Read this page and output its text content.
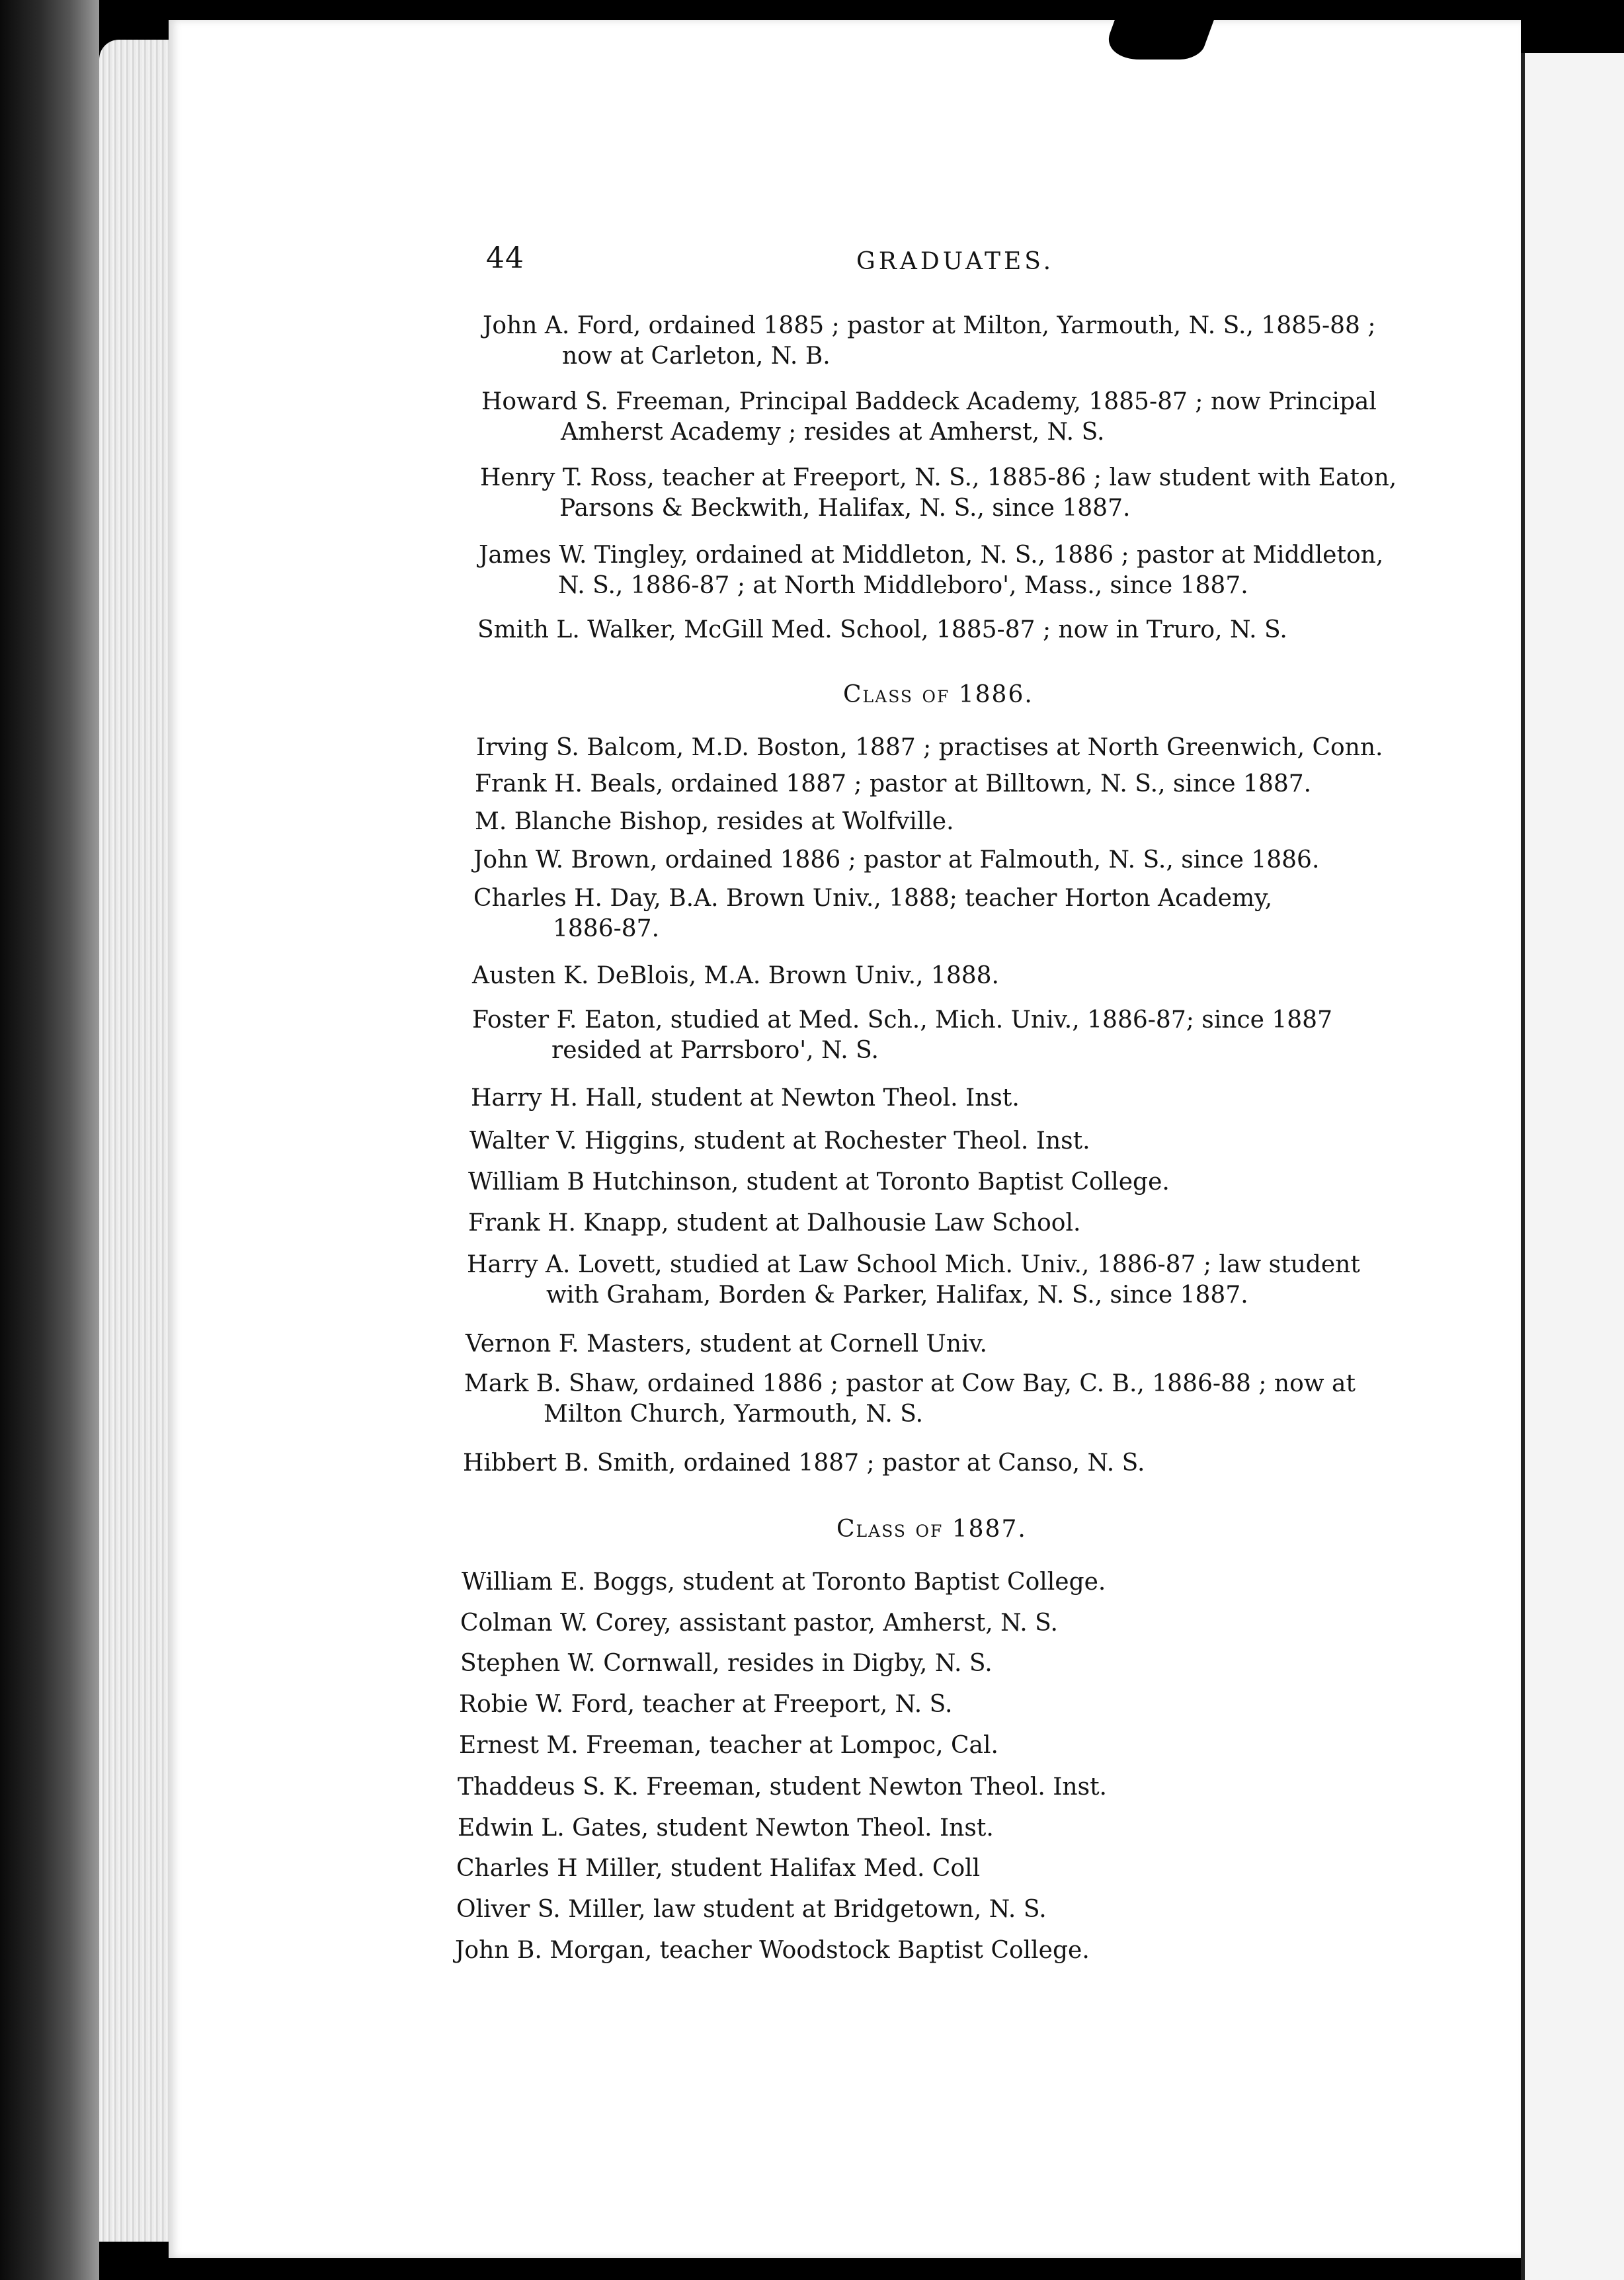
44	GRADUATES.
John A. Ford, ordained 1885 ; pastor at Milton, Yarmouth, N. S., 1885-88 ;
now at Carleton, N. B.
Howard S. Freeman, Principal Baddeck Academy, 1885-87 ; now Principal
Amherst Academy ; resides at Amherst, N. S.
Henry T. Ross, teacher at Freeport, N. S., 1885-86 ; law student with Eaton,
Parsons & Beckwith, Halifax, N. S., since 1887.
James W. Tingley, ordained at Middleton, N. S., 1886 ; pastor at Middleton,
N. S., 1886-87 ; at North Middleboro', Mass., since 1887.
Smith L. Walker, McGill Med. School, 1885-87 ; now in Truro, N. S.
Class of 1886.
Irving S. Balcom, M.D. Boston, 1887 ; practises at North Greenwich, Conn.
Frank H. Beals, ordained 1887 ; pastor at Billtown, N. S., since 1887.
M. Blanche Bishop, resides at Wolfville.
John W. Brown, ordained 1886 ; pastor at Falmouth, N. S., since 1886.
Charles H. Day, B.A. Brown Univ., 1888; teacher Horton Academy,
1886-87.
Austen K. DeBlois, M.A. Brown Univ., 1888.
Foster F. Eaton, studied at Med. Sch., Mich. Univ., 1886-87; since 1887
resided at Parrsboro', N. S.
Harry H. Hall, student at Newton Theol. Inst.
Walter V. Higgins, student at Rochester Theol. Inst.
William B Hutchinson, student at Toronto Baptist College.
Frank H. Knapp, student at Dalhousie Law School.
Harry A. Lovett, studied at Law School Mich. Univ., 1886-87 ; law student
with Graham, Borden & Parker, Halifax, N. S., since 1887.
Vernon F. Masters, student at Cornell Univ.
Mark B. Shaw, ordained 1886 ; pastor at Cow Bay, C. B., 1886-88 ; now at
Milton Church, Yarmouth, N. S.
Hibbert B. Smith, ordained 1887 ; pastor at Canso, N. S.
Class of 1887.
William E. Boggs, student at Toronto Baptist College.
Colman W. Corey, assistant pastor, Amherst, N. S.
Stephen W. Cornwall, resides in Digby, N. S.
Robie W. Ford, teacher at Freeport, N. S.
Ernest M. Freeman, teacher at Lompoc, Cal.
Thaddeus S. K. Freeman, student Newton Theol. Inst.
Edwin L. Gates, student Newton Theol. Inst.
Charles H Miller, student Halifax Med. Coll
Oliver S. Miller, law student at Bridgetown, N. S.
John B. Morgan, teacher Woodstock Baptist College.
